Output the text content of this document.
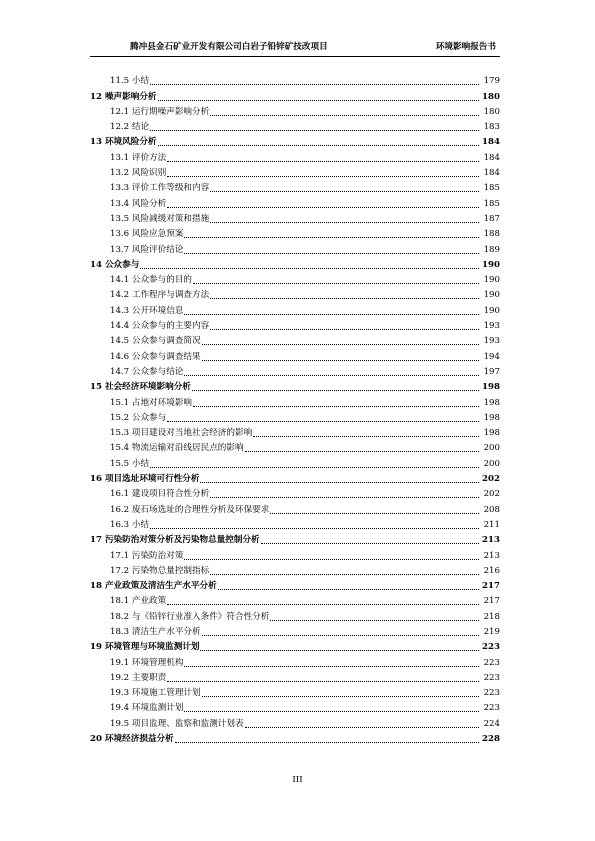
腾冲县金石矿业开发有限公司白岩子铅锌矿技改项目	环境影响报告书
11.5 小结	179
12 噪声影响分析	180
12.1 运行期噪声影响分析	180
12.2 结论	183
13 环境风险分析	184
13.1 评价方法	184
13.2 风险识别	184
13.3 评价工作等级和内容	185
13.4 风险分析	185
13.5 风险减缓对策和措施	187
13.6 风险应急预案	188
13.7 风险评价结论	189
14 公众参与	190
14.1 公众参与的目的	190
14.2 工作程序与调查方法	190
14.3 公开环境信息	190
14.4 公众参与的主要内容	193
14.5 公众参与调查简况	193
14.6 公众参与调查结果	194
14.7 公众参与结论	197
15 社会经济环境影响分析	198
15.1 占地对环境影响	198
15.2 公众参与	198
15.3 项目建设对当地社会经济的影响	198
15.4 物流运输对沿线居民点的影响	200
15.5 小结	200
16 项目选址环境可行性分析	202
16.1 建设项目符合性分析	202
16.2 废石场选址的合理性分析及环保要求	208
16.3 小结	211
17 污染防治对策分析及污染物总量控制分析	213
17.1 污染防治对策	213
17.2 污染物总量控制指标	216
18 产业政策及清洁生产水平分析	217
18.1 产业政策	217
18.2 与《铅锌行业准入条件》符合性分析	218
18.3 清洁生产水平分析	219
19 环境管理与环境监测计划	223
19.1 环境管理机构	223
19.2 主要职责	223
19.3 环境施工管理计划	223
19.4 环境监测计划	223
19.5 项目监理、监察和监测计划表	224
20 环境经济损益分析	228
III
